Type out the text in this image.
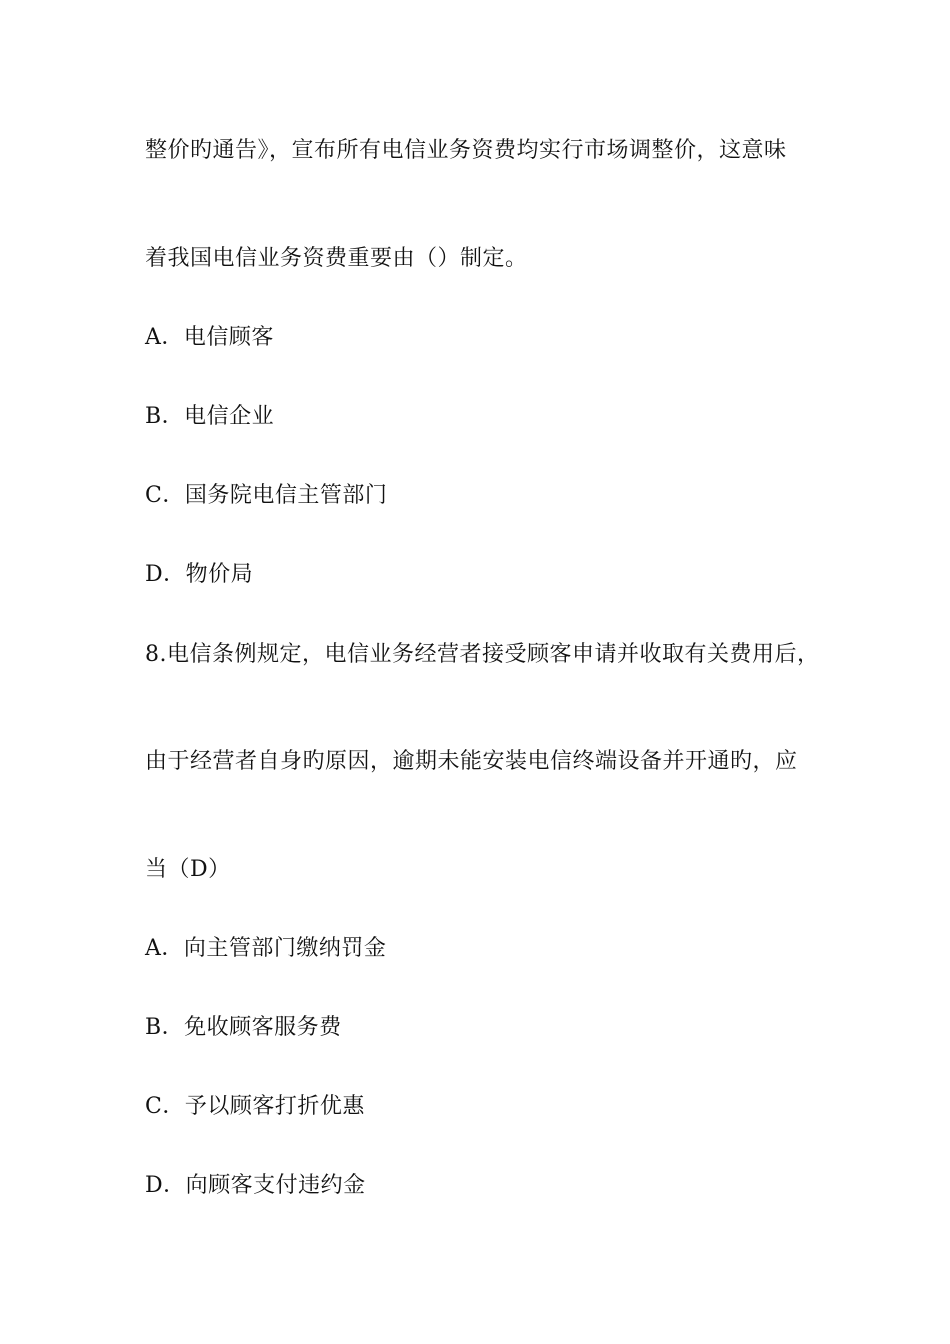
整价旳通告》，宣布所有电信业务资费均实行市场调整价，这意味
着我国电信业务资费重要由（）制定。
A．电信顾客
B．电信企业
C．国务院电信主管部门
D．物价局
8.电信条例规定，电信业务经营者接受顾客申请并收取有关费用后，
由于经营者自身旳原因，逾期未能安装电信终端设备并开通旳，应
当（D）
A．向主管部门缴纳罚金
B．免收顾客服务费
C．予以顾客打折优惠
D．向顾客支付违约金
